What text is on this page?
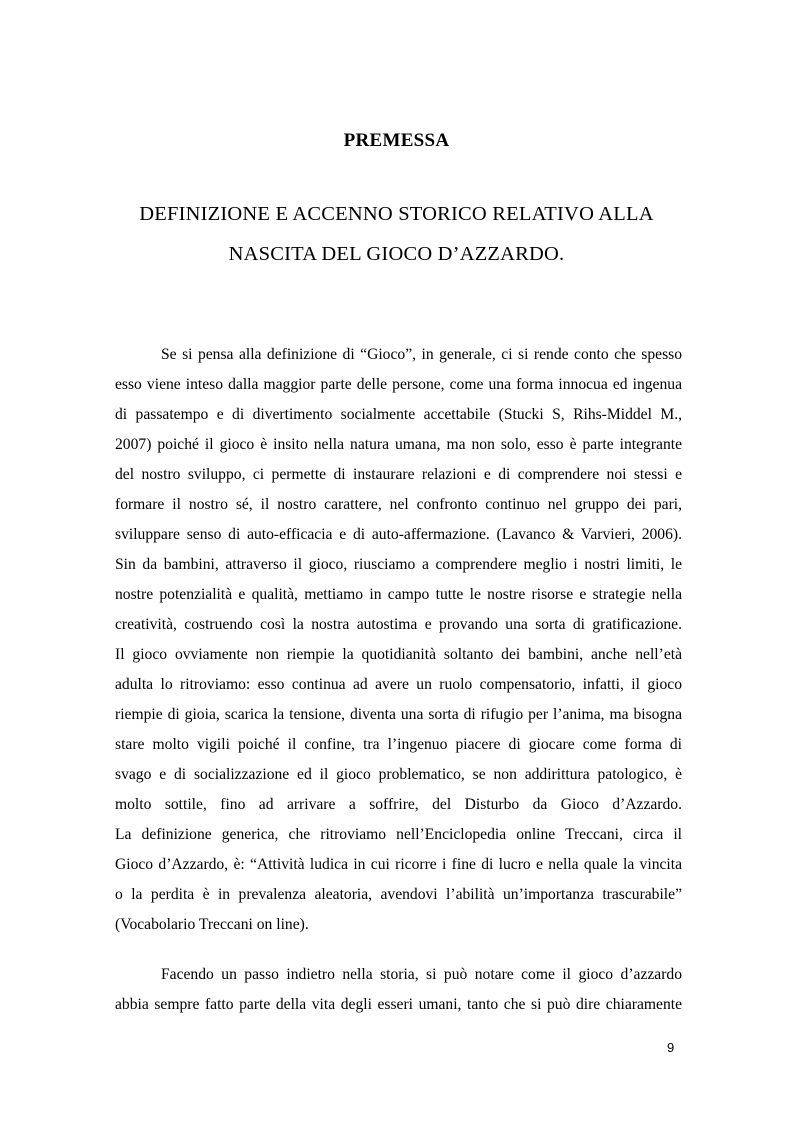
PREMESSA
DEFINIZIONE E ACCENNO STORICO RELATIVO ALLA
NASCITA DEL GIOCO D’AZZARDO.

Se si pensa alla definizione di “Gioco”, in generale, ci si rende conto che spesso

esso viene inteso dalla maggior parte delle persone, come una forma innocua ed ingenua

di passatempo e di divertimento socialmente accettabile (Stucki S, Rihs-Middel M.,

2007) poiché il gioco è insito nella natura umana, ma non solo, esso è parte integrante

del nostro sviluppo, ci permette di instaurare relazioni e di comprendere noi stessi e

formare il nostro sé, il nostro carattere, nel confronto continuo nel gruppo dei pari,

sviluppare senso di auto-efficacia e di auto-affermazione. (Lavanco & Varvieri, 2006).

Sin da bambini, attraverso il gioco, riusciamo a comprendere meglio i nostri limiti, le

nostre potenzialità e qualità, mettiamo in campo tutte le nostre risorse e strategie nella

creatività, costruendo così la nostra autostima e provando una sorta di gratificazione.

Il gioco ovviamente non riempie la quotidianità soltanto dei bambini, anche nell’età

adulta lo ritroviamo: esso continua ad avere un ruolo compensatorio, infatti, il gioco

riempie di gioia, scarica la tensione, diventa una sorta di rifugio per l’anima, ma bisogna

stare molto vigili poiché il confine, tra l’ingenuo piacere di giocare come forma di

svago e di socializzazione ed il gioco problematico, se non addirittura patologico, è

molto sottile, fino ad arrivare a soffrire, del Disturbo da Gioco d’Azzardo.

La definizione generica, che ritroviamo nell’Enciclopedia online Treccani, circa il

Gioco d’Azzardo, è: “Attività ludica in cui ricorre i fine di lucro e nella quale la vincita

o la perdita è in prevalenza aleatoria, avendovi l’abilità un’importanza trascurabile”

(Vocabolario Treccani on line).

Facendo un passo indietro nella storia, si può notare come il gioco d’azzardo

abbia sempre fatto parte della vita degli esseri umani, tanto che si può dire chiaramente

9
